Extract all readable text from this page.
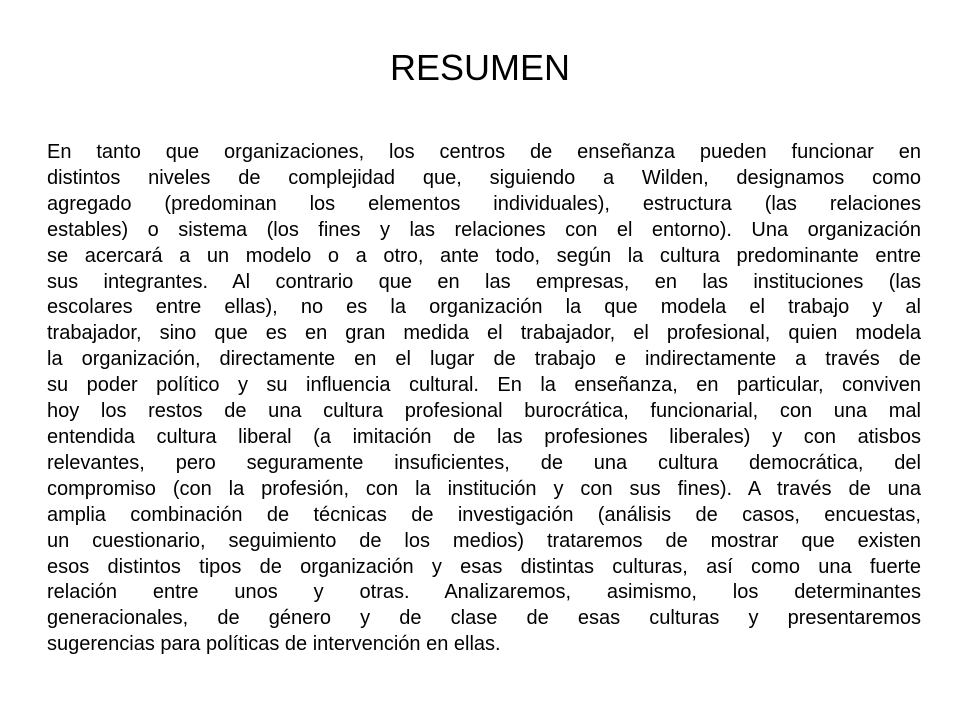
RESUMEN
En tanto que organizaciones, los centros de enseñanza pueden funcionar en
distintos niveles de complejidad que, siguiendo a Wilden, designamos como
agregado (predominan los elementos individuales), estructura (las relaciones
estables) o sistema (los fines y las relaciones con el entorno). Una organización
se acercará a un modelo o a otro, ante todo, según la cultura predominante entre
sus integrantes. Al contrario que en las empresas, en las instituciones (las
escolares entre ellas), no es la organización la que modela el trabajo y al
trabajador, sino que es en gran medida el trabajador, el profesional, quien modela
la organización, directamente en el lugar de trabajo e indirectamente a través de
su poder político y su influencia cultural. En la enseñanza, en particular, conviven
hoy los restos de una cultura profesional burocrática, funcionarial, con una mal
entendida cultura liberal (a imitación de las profesiones liberales) y con atisbos
relevantes, pero seguramente insuficientes, de una cultura democrática, del
compromiso (con la profesión, con la institución y con sus fines). A través de una
amplia combinación de técnicas de investigación (análisis de casos, encuestas,
un cuestionario, seguimiento de los medios) trataremos de mostrar que existen
esos distintos tipos de organización y esas distintas culturas, así como una fuerte
relación entre unos y otras. Analizaremos, asimismo, los determinantes
generacionales, de género y de clase de esas culturas y presentaremos
sugerencias para políticas de intervención en ellas.
